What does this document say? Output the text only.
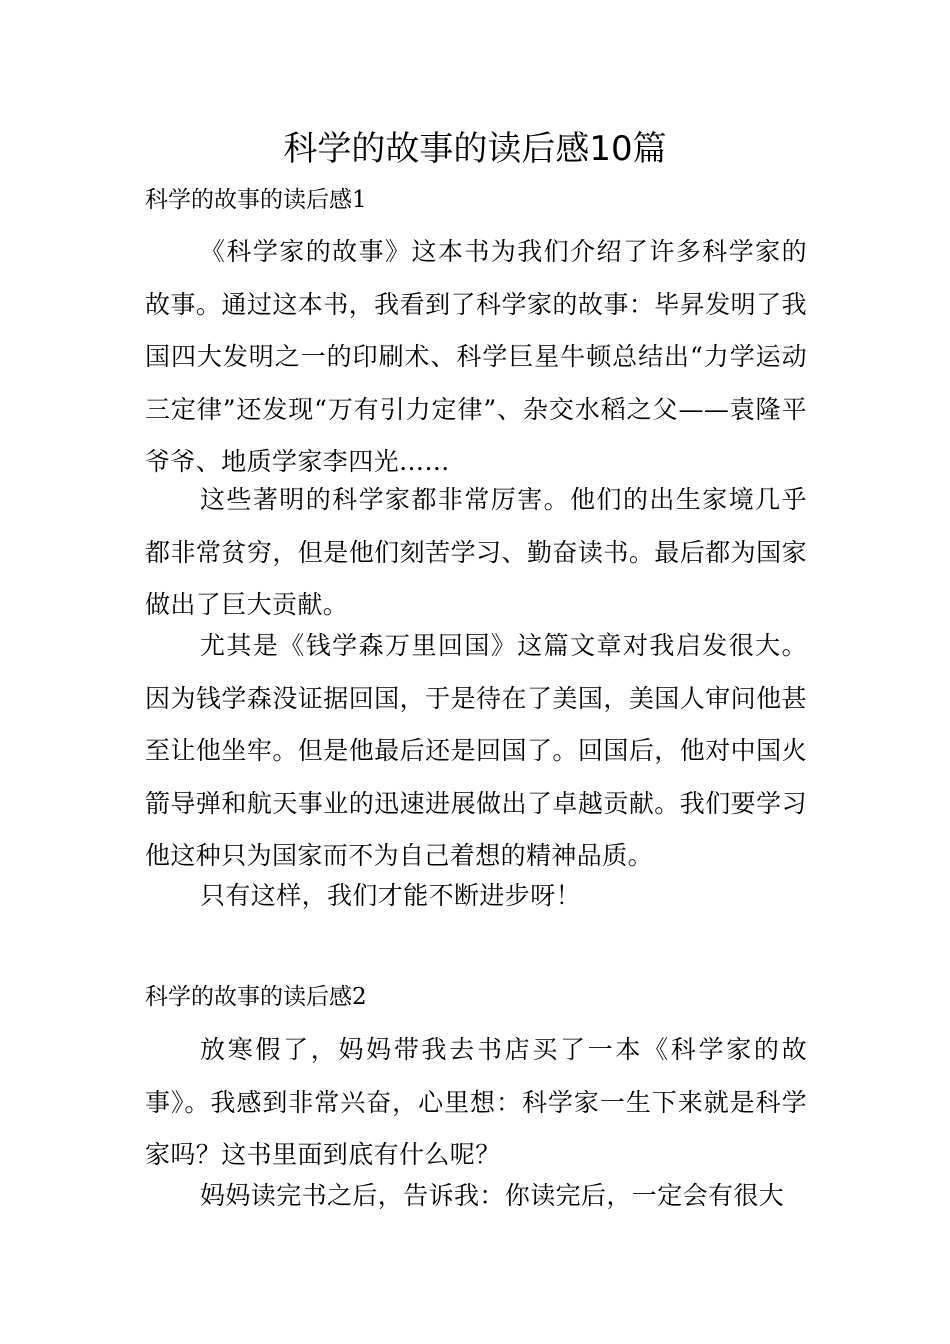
科学的故事的读后感10篇
科学的故事的读后感1

《科学家的故事》这本书为我们介绍了许多科学家的故事。通过这本书，我看到了科学家的故事：毕昇发明了我国四大发明之一的印刷术、科学巨星牛顿总结出“力学运动三定律”还发现“万有引力定律”、杂交水稻之父——袁隆平爷爷、地质学家李四光……

这些著明的科学家都非常厉害。他们的出生家境几乎都非常贫穷，但是他们刻苦学习、勤奋读书。最后都为国家做出了巨大贡献。

尤其是《钱学森万里回国》这篇文章对我启发很大。因为钱学森没证据回国，于是待在了美国，美国人审问他甚至让他坐牢。但是他最后还是回国了。回国后，他对中国火箭导弹和航天事业的迅速进展做出了卓越贡献。我们要学习他这种只为国家而不为自己着想的精神品质。

只有这样，我们才能不断进步呀！

科学的故事的读后感2

放寒假了，妈妈带我去书店买了一本《科学家的故事》。我感到非常兴奋，心里想：科学家一生下来就是科学家吗？这书里面到底有什么呢？

妈妈读完书之后，告诉我：你读完后，一定会有很大
